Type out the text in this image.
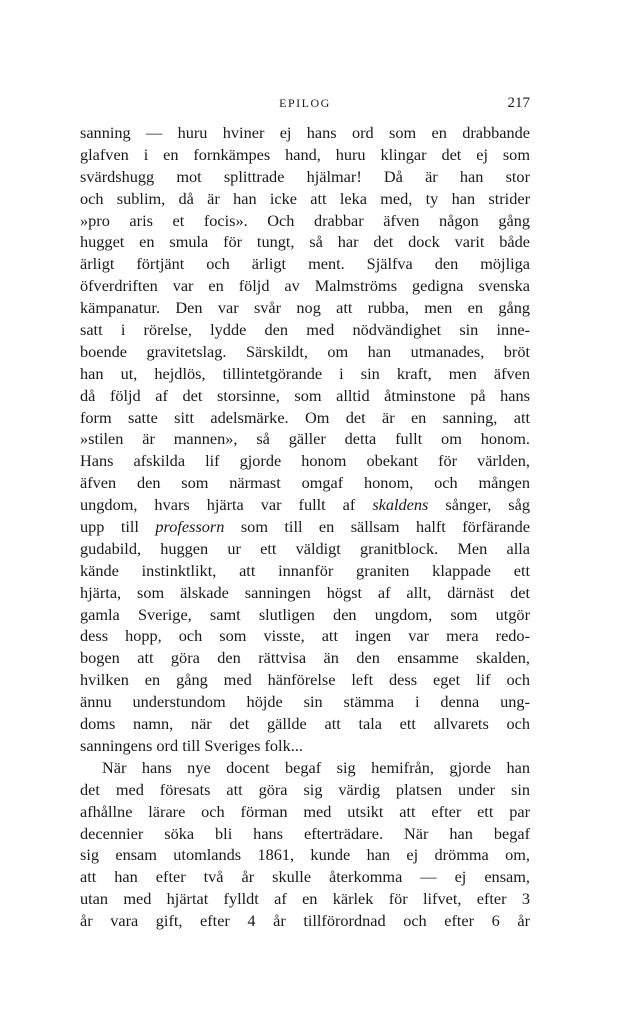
EPILOG	217
sanning — huru hviner ej hans ord som en drabbande
glafven i en fornkämpes hand, huru klingar det ej som
svärdshugg mot splittrade hjälmar! Då är han stor
och sublim, då är han icke att leka med, ty han strider
»pro aris et focis». Och drabbar äfven någon gång
hugget en smula för tungt, så har det dock varit både
ärligt förtjänt och ärligt ment. Själfva den möjliga
öfverdriften var en följd av Malmströms gedigna svenska
kämpanatur. Den var svår nog att rubba, men en gång
satt i rörelse, lydde den med nödvändighet sin inne-
boende gravitetslag. Särskildt, om han utmanades, bröt
han ut, hejdlös, tillintetgörande i sin kraft, men äfven
då följd af det storsinne, som alltid åtminstone på hans
form satte sitt adelsmärke. Om det är en sanning, att
»stilen är mannen», så gäller detta fullt om honom.
Hans afskilda lif gjorde honom obekant för världen,
äfven den som närmast omgaf honom, och mången
ungdom, hvars hjärta var fullt af skaldens sånger, såg
upp till professorn som till en sällsam halft förfärande
gudabild, huggen ur ett väldigt granitblock. Men alla
kände instinktlikt, att innanför graniten klappade ett
hjärta, som älskade sanningen högst af allt, därnäst det
gamla Sverige, samt slutligen den ungdom, som utgör
dess hopp, och som visste, att ingen var mera redo-
bogen att göra den rättvisa än den ensamme skalden,
hvilken en gång med hänförelse left dess eget lif och
ännu understundom höjde sin stämma i denna ung-
doms namn, när det gällde att tala ett allvarets och
sanningens ord till Sveriges folk...
När hans nye docent begaf sig hemifrån, gjorde han
det med föresats att göra sig värdig platsen under sin
afhållne lärare och förman med utsikt att efter ett par
decennier söka bli hans efterträdare. När han begaf
sig ensam utomlands 1861, kunde han ej drömma om,
att han efter två år skulle återkomma — ej ensam,
utan med hjärtat fylldt af en kärlek för lifvet, efter 3
år vara gift, efter 4 år tillförordnad och efter 6 år
